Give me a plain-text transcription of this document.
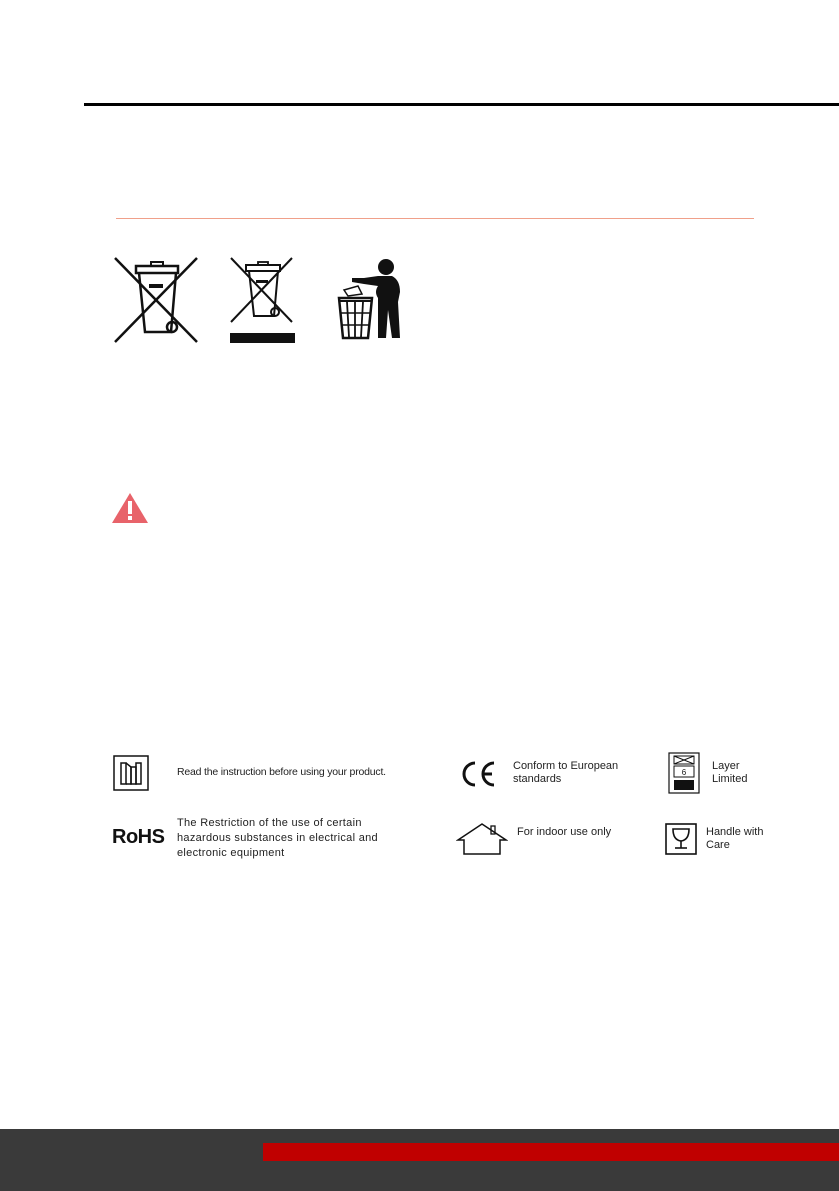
Read the instruction before using your product.	Conform to European standards
6
Layer Limited
RoHS
The Restriction of the use of certain hazardous substances in electrical and electronic equipment
For indoor use only	Handle with Care
